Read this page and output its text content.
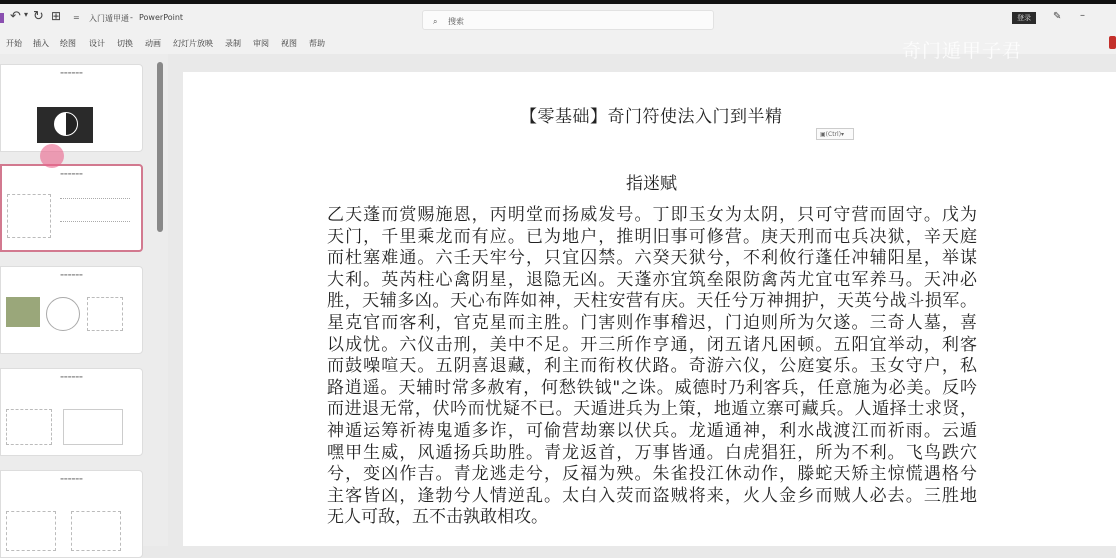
↶ ▾ ↻ ⊞ = 入门遁甲通 - PowerPoint	⌕ 搜索	登录	✎ –
开始 插入 绘图 设计 切换 动画 幻灯片放映 录制 审阅 视图 帮助	奇门遁甲子君
▬▬▬▬▬▬
▬▬▬▬▬▬
▬▬▬▬▬▬
▬▬▬▬▬▬
▬▬▬▬▬▬
【零基础】奇门符使法入门到半精
▣(Ctrl)▾
指迷赋
乙天蓬而赏赐施恩，丙明堂而扬威发号。丁即玉女为太阴，只可守营而固守。戊为
天门，千里乘龙而有应。已为地户，推明旧事可修营。庚天刑而屯兵决狱，辛天庭
而杜塞难通。六壬天牢兮，只宜囚禁。六癸天狱兮，不利攸行蓬任冲辅阳星，举谋
大利。英芮柱心禽阴星，退隐无凶。天蓬亦宜筑垒限防禽芮尤宜屯军养马。天冲必
胜，天辅多凶。天心布阵如神，天柱安营有庆。天任兮万神拥护，天英兮战斗损军。
星克官而客利，官克星而主胜。门害则作事稽迟，门迫则所为欠遂。三奇人墓，喜
以成忧。六仪击刑，美中不足。开三所作亨通，闭五诸凡困顿。五阳宜举动，利客
而鼓噪喧天。五阴喜退藏，利主而衔枚伏路。奇游六仪，公庭宴乐。玉女守户，私
路逍遥。天辅时常多赦宥，何愁铁钺"之诛。威德时乃利客兵，任意施为必美。反吟
而进退无常，伏吟而忧疑不已。天遁进兵为上策，地遁立寨可藏兵。人遁择士求贤，
神遁运筹祈祷鬼遁多诈，可偷营劫寨以伏兵。龙遁通神，利水战渡江而祈雨。云遁
嘿甲生威，风遁扬兵助胜。青龙返首，万事皆通。白虎猖狂，所为不利。飞鸟跌穴
兮，变凶作吉。青龙逃走兮，反福为殃。朱雀投江休动作，滕蛇天矫主惊慌遇格兮
主客皆凶，逢勃兮人情逆乱。太白入荧而盗贼将来，火人金乡而贼人必去。三胜地
无人可敌，五不击孰敢相攻。
